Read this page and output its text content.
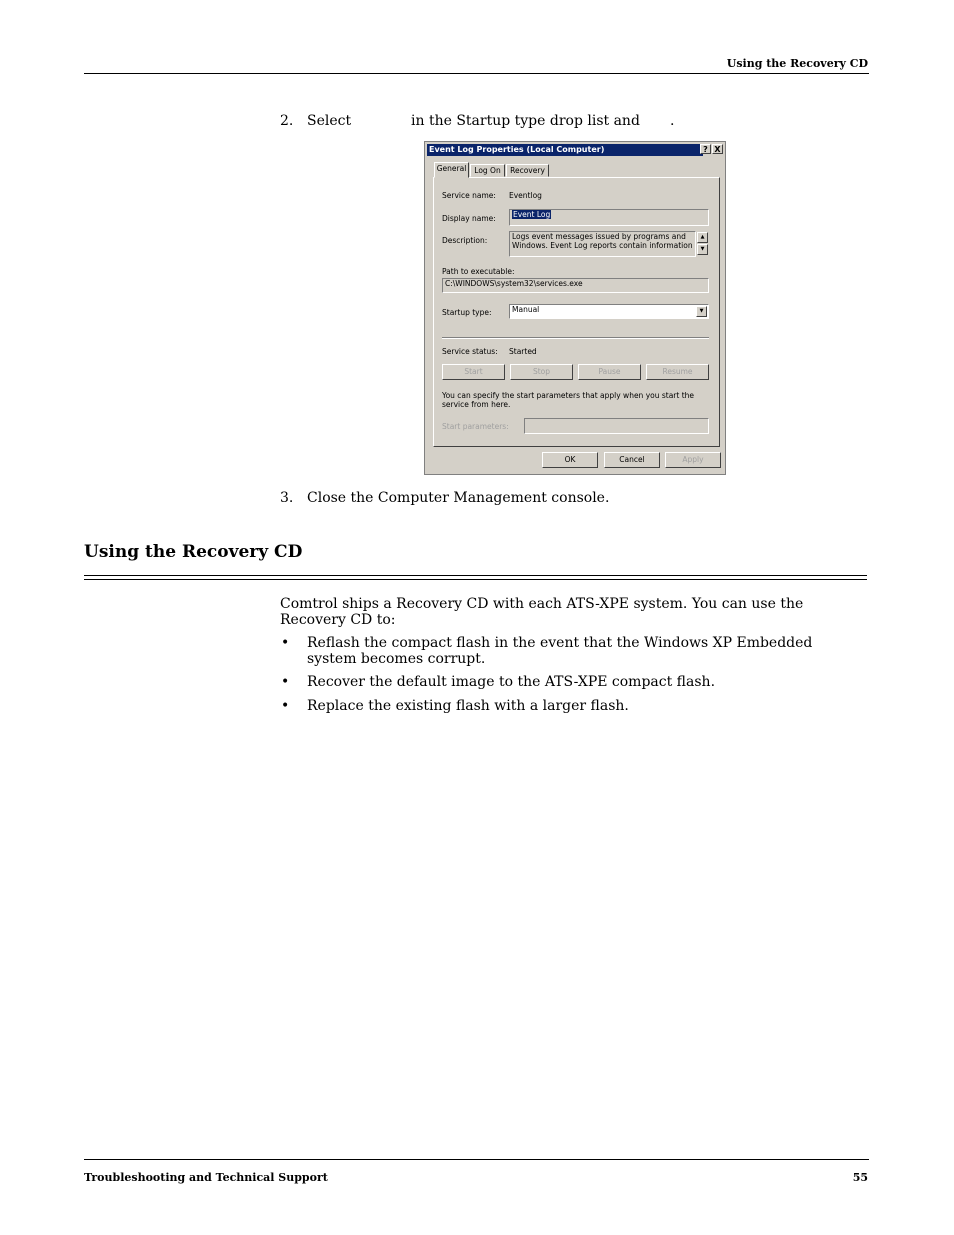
Using the Recovery CD
2. Select	in the Startup type drop list and .
Event Log Properties (Local Computer)	? X
General	Log On	Recovery
Service name: Eventlog
Display name:	Event Log
Description:	Logs event messages issued by programs and Windows. Event Log reports contain information
▲
▼
Path to executable:
C:\WINDOWS\system32\services.exe
Startup type:	Manual	▼
Service status: Started
Start	Stop	Pause	Resume
You can specify the start parameters that apply when you start the service from here.
Start parameters:
OK	Cancel	Apply
3. Close the Computer Management console.
Using the Recovery CD
Comtrol ships a Recovery CD with each ATS-XPE system. You can use the Recovery CD to:
• Reflash the compact flash in the event that the Windows XP Embedded system becomes corrupt.
• Recover the default image to the ATS-XPE compact flash.
• Replace the existing flash with a larger flash.
Troubleshooting and Technical Support	55
